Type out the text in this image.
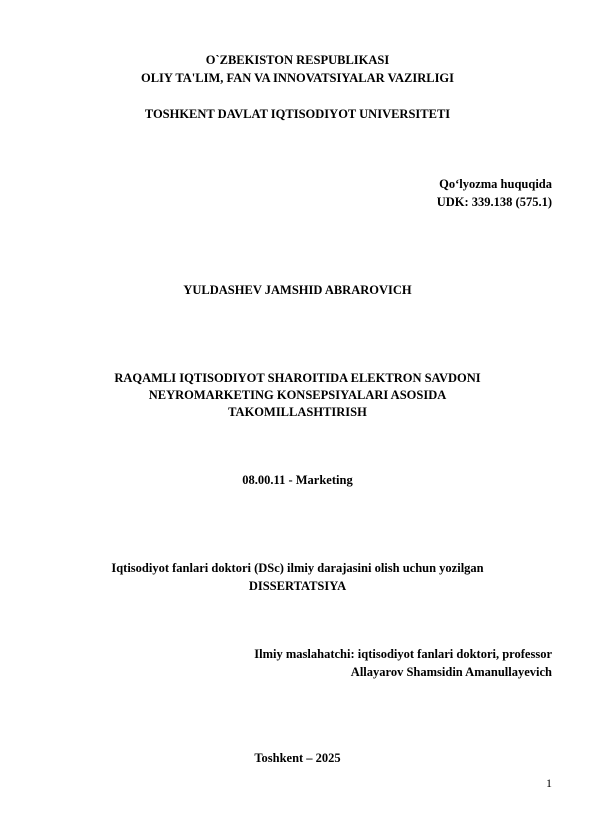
O`ZBEKISTON RESPUBLIKASI
OLIY TA'LIM, FAN VA INNOVATSIYALAR VAZIRLIGI
TOSHKENT DAVLAT IQTISODIYOT UNIVERSITETI
Qo‘lyozma huquqida
UDK: 339.138 (575.1)
YULDASHEV JAMSHID ABRAROVICH
RAQAMLI IQTISODIYOT SHAROITIDA ELEKTRON SAVDONI
NEYROMARKETING KONSEPSIYALARI ASOSIDA
TAKOMILLASHTIRISH
08.00.11 - Marketing
Iqtisodiyot fanlari doktori (DSc) ilmiy darajasini olish uchun yozilgan
DISSERTATSIYA
Ilmiy maslahatchi: iqtisodiyot fanlari doktori, professor
Allayarov Shamsidin Amanullayevich
Toshkent – 2025
1
